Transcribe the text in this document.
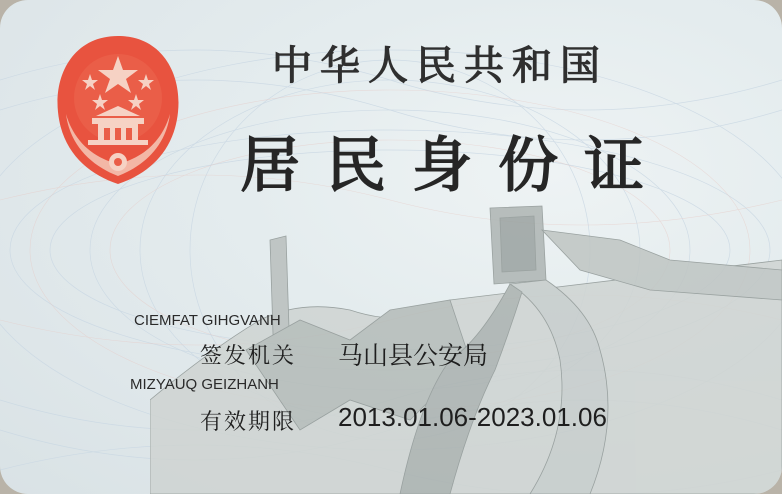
中华人民共和国
居民身份证
CIEMFAT GIHGVANH
签发机关 马山县公安局
MIZYAUQ GEIZHANH
有效期限 2013.01.06-2023.01.06
